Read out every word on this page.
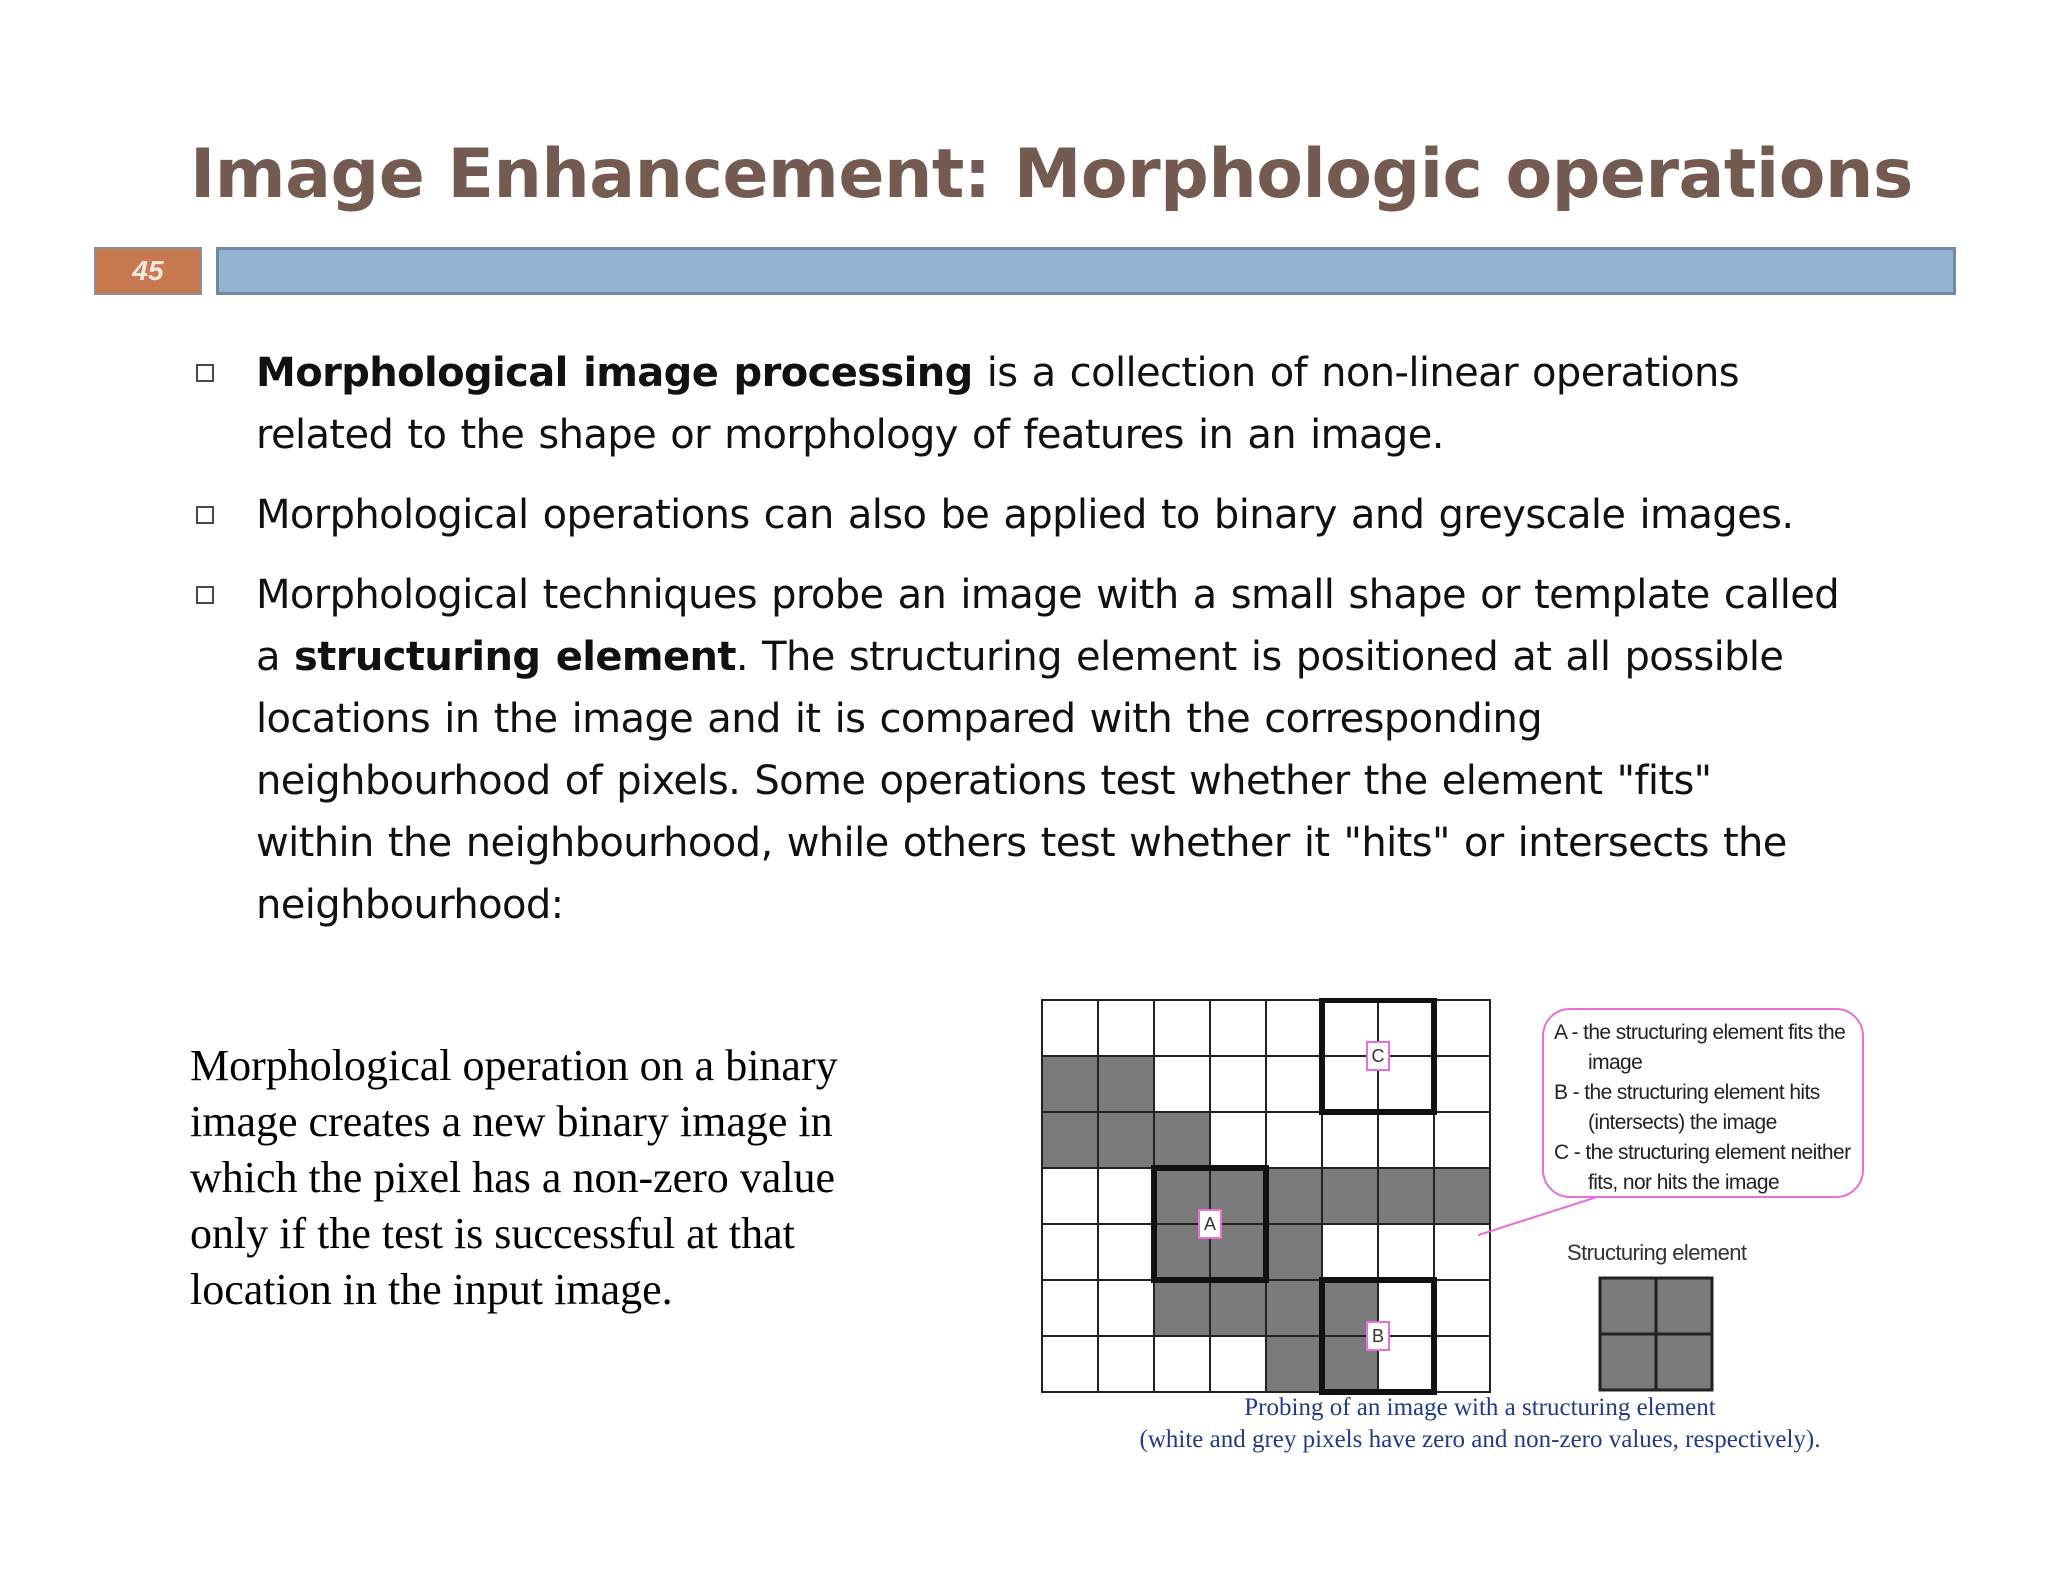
Image Enhancement: Morphologic operations
45
Morphological image processing is a collection of non-linear operations related to the shape or morphology of features in an image.
Morphological operations can also be applied to binary and greyscale images.
Morphological techniques probe an image with a small shape or template called a structuring element. The structuring element is positioned at all possible locations in the image and it is compared with the corresponding neighbourhood of pixels. Some operations test whether the element "fits" within the neighbourhood, while others test whether it "hits" or intersects the neighbourhood:
Morphological operation on a binary image creates a new binary image in which the pixel has a non-zero value only if the test is successful at that location in the input image.
A - the structuring element fits the image
B - the structuring element hits (intersects) the image
C - the structuring element neither fits, nor hits the image
Structuring element
C
A
B
Probing of an image with a structuring element
(white and grey pixels have zero and non-zero values, respectively).
